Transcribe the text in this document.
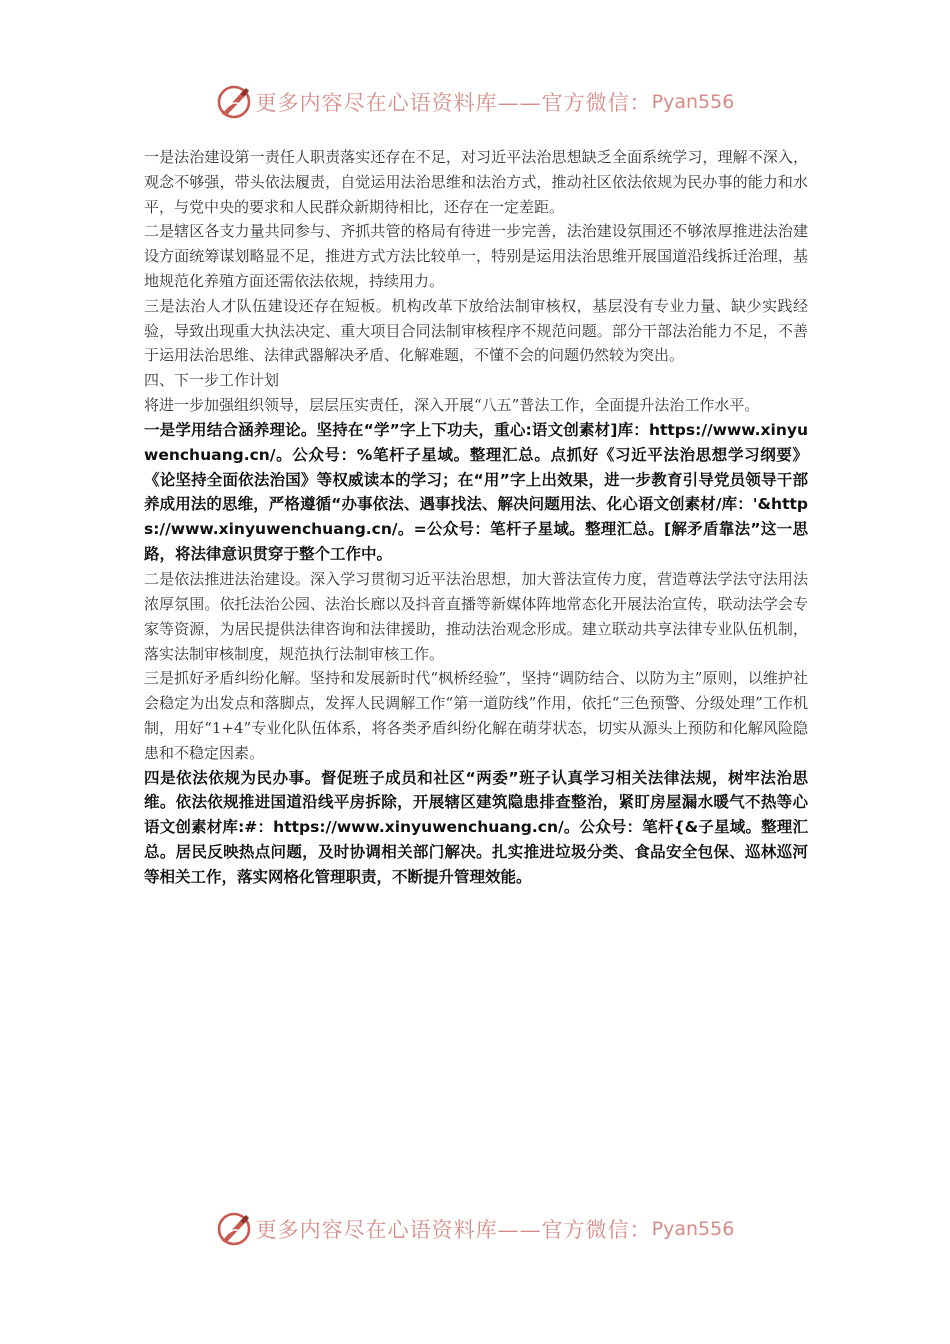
更多内容尽在心语资料库——官方微信： Pyan556

一是法治建设第一责任人职责落实还存在不足，对习近平法治思想缺乏全面系统学习，理解不深入，观念不够强，带头依法履责，自觉运用法治思维和法治方式，推动社区依法依规为民办事的能力和水平，与党中央的要求和人民群众新期待相比，还存在一定差距。

二是辖区各支力量共同参与、齐抓共管的格局有待进一步完善，法治建设氛围还不够浓厚推进法治建设方面统筹谋划略显不足，推进方式方法比较单一，特别是运用法治思维开展国道沿线拆迁治理，基地规范化养殖方面还需依法依规，持续用力。

三是法治人才队伍建设还存在短板。机构改革下放给法制审核权，基层没有专业力量、缺少实践经验，导致出现重大执法决定、重大项目合同法制审核程序不规范问题。部分干部法治能力不足，不善于运用法治思维、法律武器解决矛盾、化解难题，不懂不会的问题仍然较为突出。

四、下一步工作计划

将进一步加强组织领导，层层压实责任，深入开展“八五”普法工作，全面提升法治工作水平。

一是学用结合涵养理论。坚持在“学”字上下功夫，重心:语文创素材]库：https://www.xinyuwenchuang.cn/。公众号：%笔杆子星域。整理汇总。点抓好《习近平法治思想学习纲要》《论坚持全面依法治国》等权威读本的学习；在“用”字上出效果，进一步教育引导党员领导干部养成用法的思维，严格遵循“办事依法、遇事找法、解决问题用法、化心语文创素材/库：'&https://www.xinyuwenchuang.cn/。=公众号：笔杆子星域。整理汇总。[解矛盾靠法”这一思路，将法律意识贯穿于整个工作中。

二是依法推进法治建设。深入学习贯彻习近平法治思想，加大普法宣传力度，营造尊法学法守法用法浓厚氛围。依托法治公园、法治长廊以及抖音直播等新媒体阵地常态化开展法治宣传，联动法学会专家等资源，为居民提供法律咨询和法律援助，推动法治观念形成。建立联动共享法律专业队伍机制，落实法制审核制度，规范执行法制审核工作。

三是抓好矛盾纠纷化解。坚持和发展新时代“枫桥经验”，坚持“调防结合、以防为主”原则，以维护社会稳定为出发点和落脚点，发挥人民调解工作“第一道防线”作用，依托“三色预警、分级处理”工作机制，用好“1+4”专业化队伍体系，将各类矛盾纠纷化解在萌芽状态，切实从源头上预防和化解风险隐患和不稳定因素。

四是依法依规为民办事。督促班子成员和社区“两委”班子认真学习相关法律法规，树牢法治思维。依法依规推进国道沿线平房拆除，开展辖区建筑隐患排查整治，紧盯房屋漏水暖气不热等心语文创素材库:#：https://www.xinyuwenchuang.cn/。公众号：笔杆{&子星域。整理汇总。居民反映热点问题，及时协调相关部门解决。扎实推进垃圾分类、食品安全包保、巡林巡河等相关工作，落实网格化管理职责，不断提升管理效能。

更多内容尽在心语资料库——官方微信： Pyan556
